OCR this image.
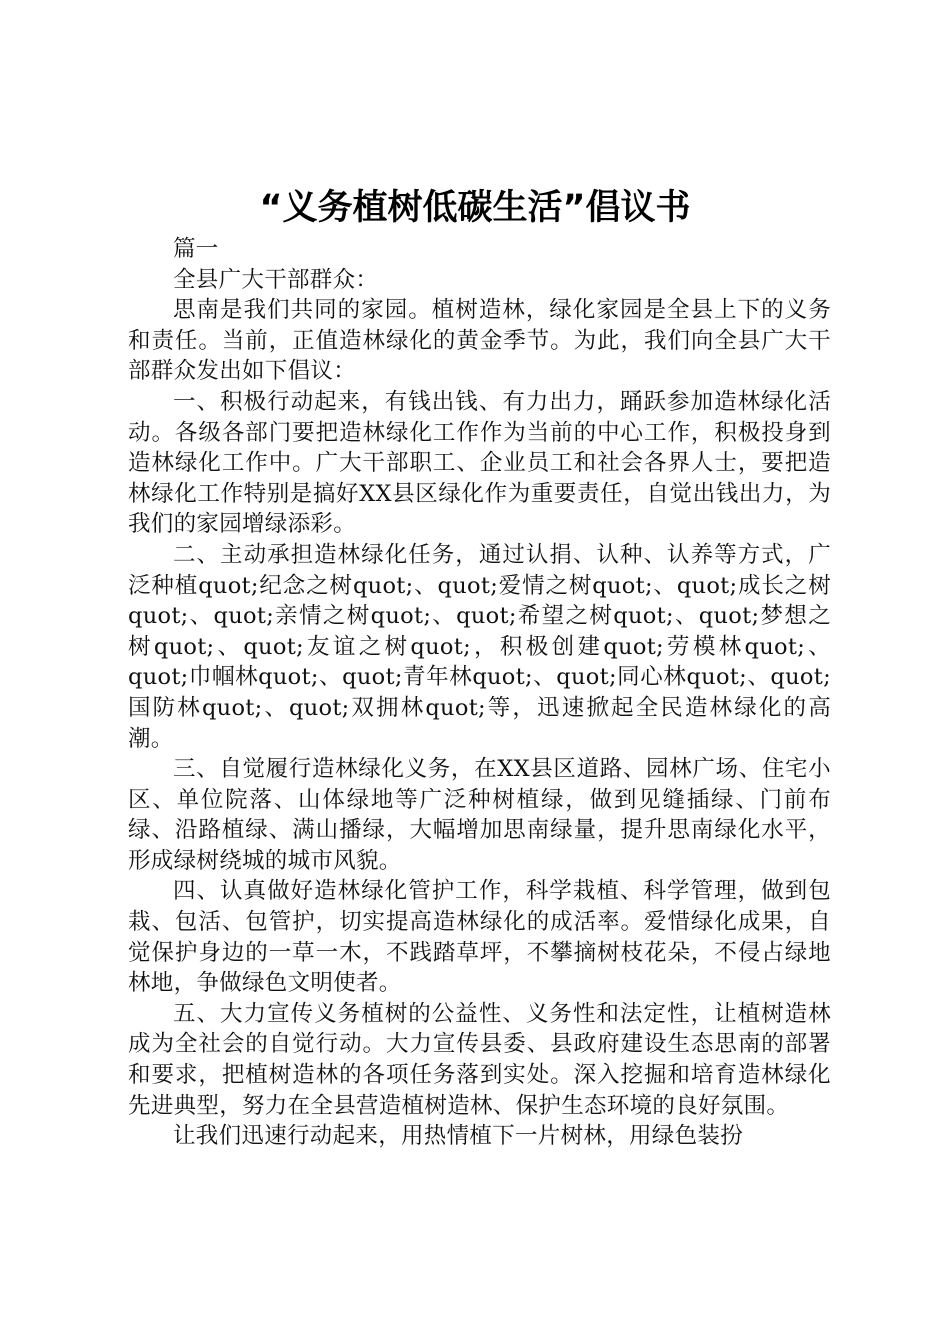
“义务植树低碳生活”倡议书

篇一

全县广大干部群众：

思南是我们共同的家园。植树造林，绿化家园是全县上下的义务和责任。当前，正值造林绿化的黄金季节。为此，我们向全县广大干部群众发出如下倡议：

一、积极行动起来，有钱出钱、有力出力，踊跃参加造林绿化活动。各级各部门要把造林绿化工作作为当前的中心工作，积极投身到造林绿化工作中。广大干部职工、企业员工和社会各界人士，要把造林绿化工作特别是搞好XX县区绿化作为重要责任，自觉出钱出力，为我们的家园增绿添彩。

二、主动承担造林绿化任务，通过认捐、认种、认养等方式，广泛种植quot;纪念之树quot;、quot;爱情之树quot;、quot;成长之树quot;、quot;亲情之树quot;、quot;希望之树quot;、quot;梦想之树quot;、quot;友谊之树quot;，积极创建quot;劳模林quot;、quot;巾帼林quot;、quot;青年林quot;、quot;同心林quot;、quot;国防林quot;、quot;双拥林quot;等，迅速掀起全民造林绿化的高潮。

三、自觉履行造林绿化义务，在XX县区道路、园林广场、住宅小区、单位院落、山体绿地等广泛种树植绿，做到见缝插绿、门前布绿、沿路植绿、满山播绿，大幅增加思南绿量，提升思南绿化水平，形成绿树绕城的城市风貌。

四、认真做好造林绿化管护工作，科学栽植、科学管理，做到包栽、包活、包管护，切实提高造林绿化的成活率。爱惜绿化成果，自觉保护身边的一草一木，不践踏草坪，不攀摘树枝花朵，不侵占绿地林地，争做绿色文明使者。

五、大力宣传义务植树的公益性、义务性和法定性，让植树造林成为全社会的自觉行动。大力宣传县委、县政府建设生态思南的部署和要求，把植树造林的各项任务落到实处。深入挖掘和培育造林绿化先进典型，努力在全县营造植树造林、保护生态环境的良好氛围。

让我们迅速行动起来，用热情植下一片树林，用绿色装扮
